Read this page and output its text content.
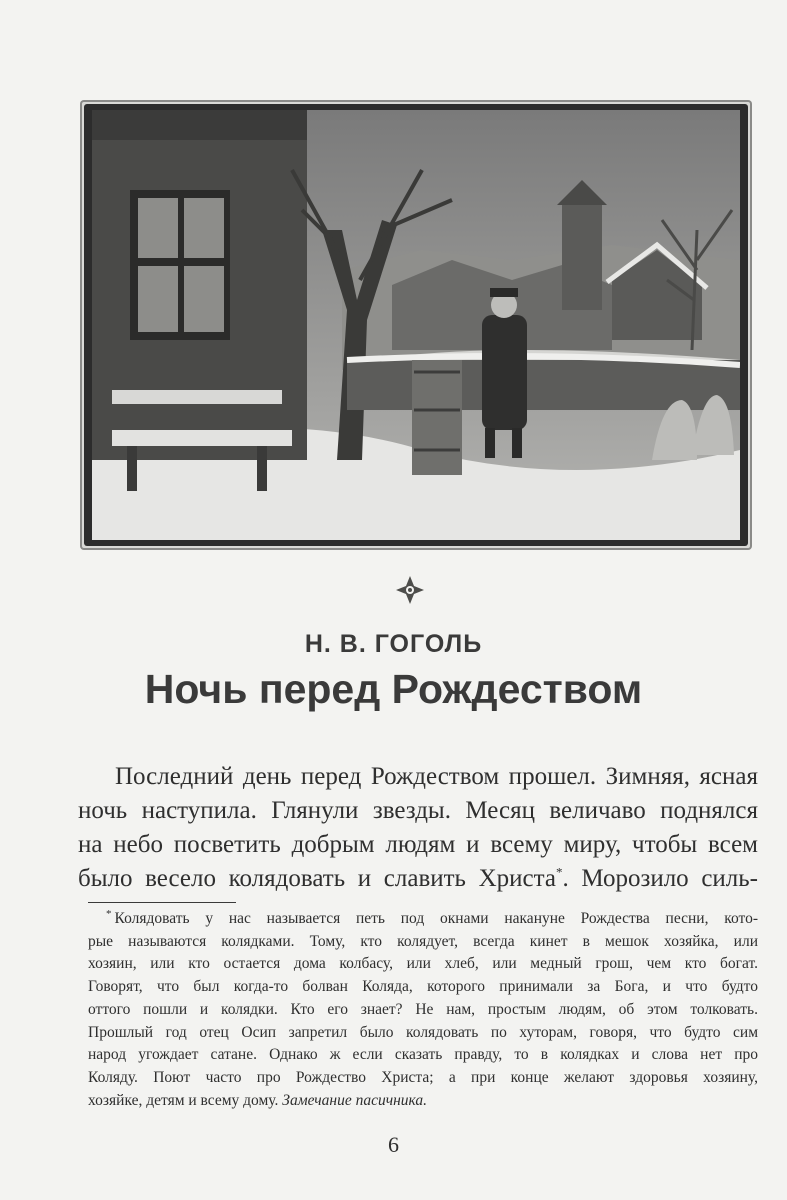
Н. В. ГОГОЛЬ
Ночь перед Рождеством
Последний день перед Рождеством прошел. Зимняя, ясная
ночь наступила. Глянули звезды. Месяц величаво поднялся
на небо посветить добрым людям и всему миру, чтобы всем
было весело колядовать и славить Христа*. Морозило силь-
* Колядовать у нас называется петь под окнами накануне Рождества песни, кото-
рые называются колядками. Тому, кто колядует, всегда кинет в мешок хозяйка, или
хозяин, или кто остается дома колбасу, или хлеб, или медный грош, чем кто богат.
Говорят, что был когда-то болван Коляда, которого принимали за Бога, и что будто
оттого пошли и колядки. Кто его знает? Не нам, простым людям, об этом толковать.
Прошлый год отец Осип запретил было колядовать по хуторам, говоря, что будто сим
народ угождает сатане. Однако ж если сказать правду, то в колядках и слова нет про
Коляду. Поют часто про Рождество Христа; а при конце желают здоровья хозяину,
хозяйке, детям и всему дому. Замечание пасичника.
6
